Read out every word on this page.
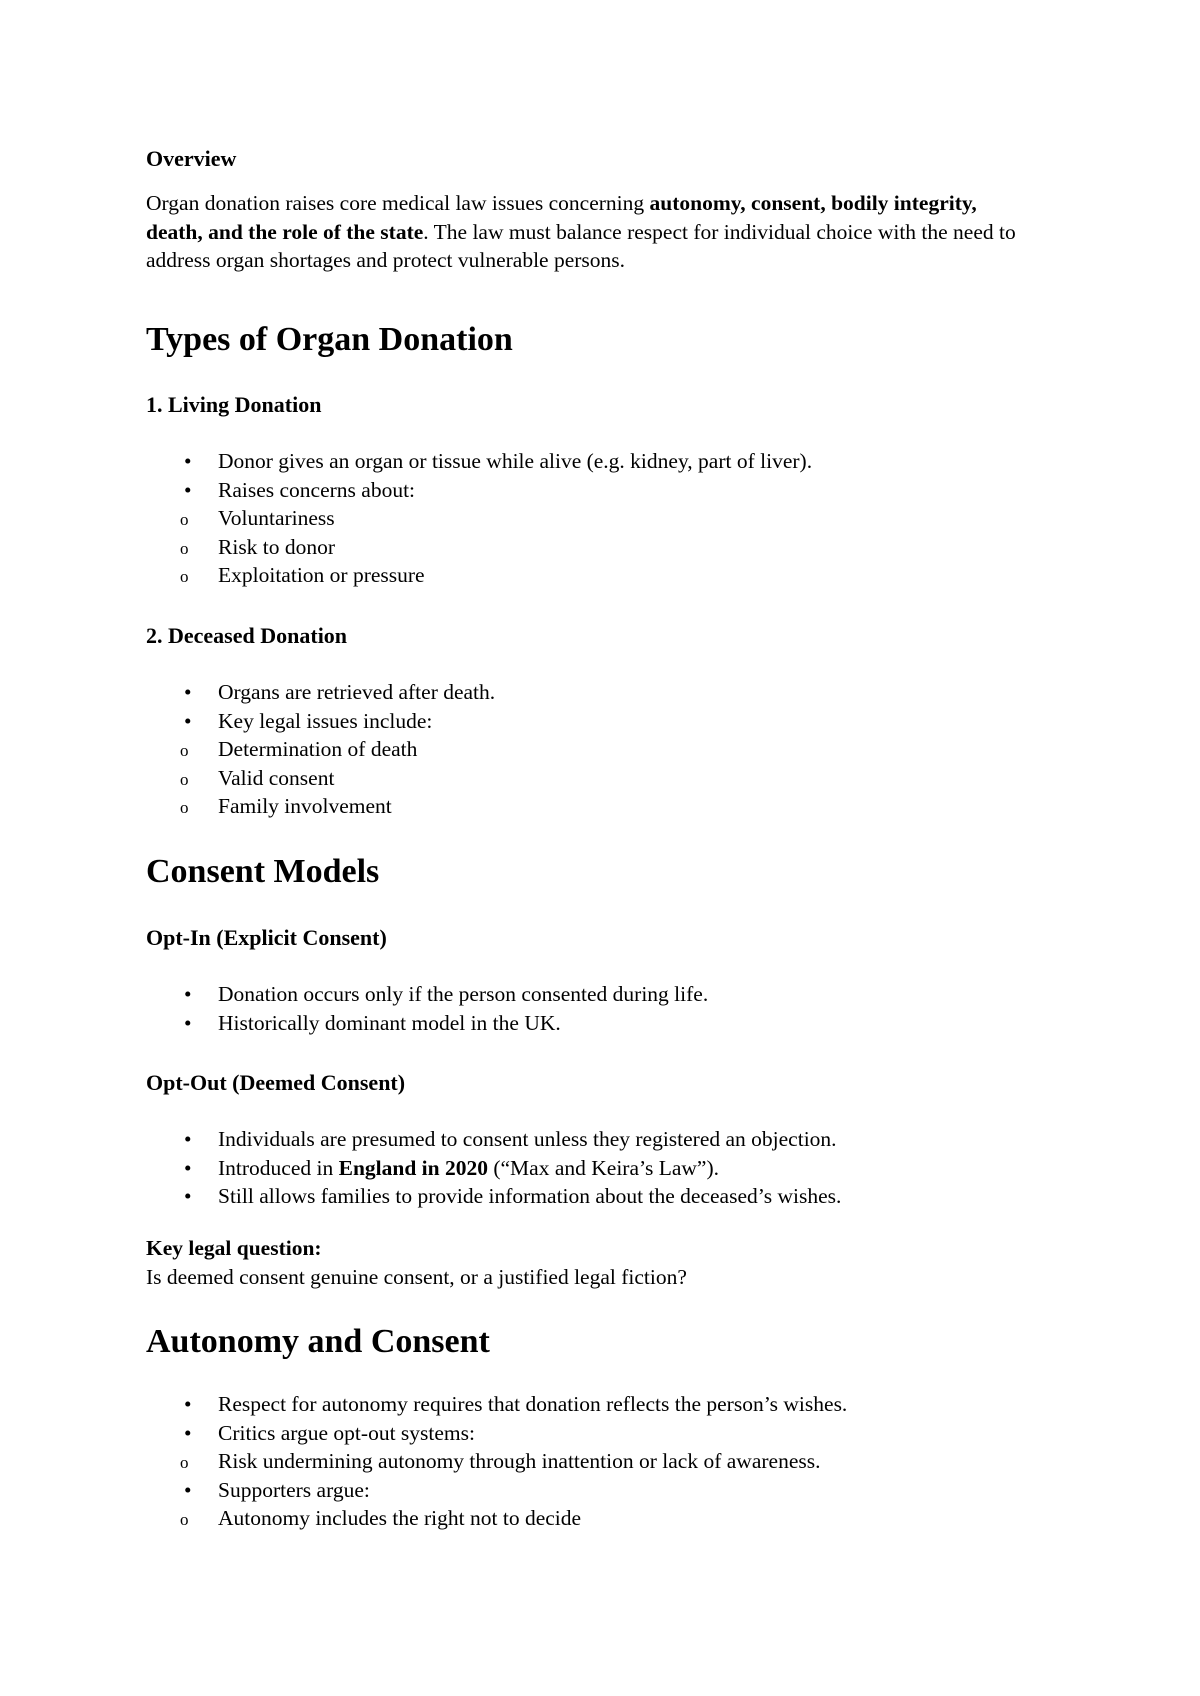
Overview

Organ donation raises core medical law issues concerning autonomy, consent, bodily integrity, death, and the role of the state. The law must balance respect for individual choice with the need to address organ shortages and protect vulnerable persons.

Types of Organ Donation
1. Living Donation
• Donor gives an organ or tissue while alive (e.g. kidney, part of liver).
• Raises concerns about:
o Voluntariness
o Risk to donor
o Exploitation or pressure
2. Deceased Donation
• Organs are retrieved after death.
• Key legal issues include:
o Determination of death
o Valid consent
o Family involvement
Consent Models
Opt-In (Explicit Consent)
• Donation occurs only if the person consented during life.
• Historically dominant model in the UK.
Opt-Out (Deemed Consent)
• Individuals are presumed to consent unless they registered an objection.
• Introduced in England in 2020 (“Max and Keira’s Law”).
• Still allows families to provide information about the deceased’s wishes.

Key legal question:
Is deemed consent genuine consent, or a justified legal fiction?

Autonomy and Consent
• Respect for autonomy requires that donation reflects the person’s wishes.
• Critics argue opt-out systems:
o Risk undermining autonomy through inattention or lack of awareness.
• Supporters argue:
o Autonomy includes the right not to decide
